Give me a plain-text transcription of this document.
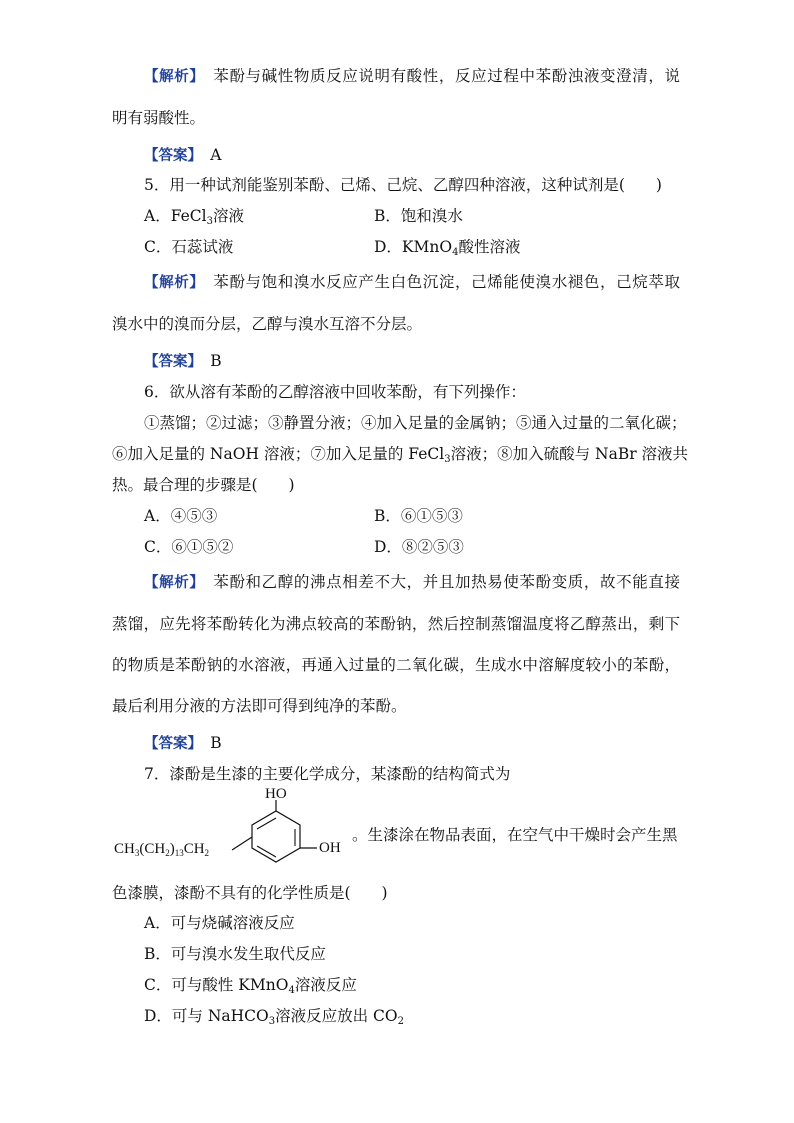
【解析】　 苯酚与碱性物质反应说明有酸性，反应过程中苯酚浊液变澄清，说
明有弱酸性。
【答案】　 A
5．用一种试剂能鉴别苯酚、己烯、己烷、乙醇四种溶液，这种试剂是(　　)
A．FeCl$_3$溶液	B．饱和溴水
C．石蕊试液	D．KMnO$_4$酸性溶液
【解析】　 苯酚与饱和溴水反应产生白色沉淀，己烯能使溴水褪色，己烷萃取
溴水中的溴而分层，乙醇与溴水互溶不分层。
【答案】　 B
6．欲从溶有苯酚的乙醇溶液中回收苯酚，有下列操作：
①蒸馏；②过滤；③静置分液；④加入足量的金属钠；⑤通入过量的二氧化碳；
⑥加入足量的 NaOH 溶液；⑦加入足量的 FeCl$_3$溶液；⑧加入硫酸与 NaBr 溶液共
热。最合理的步骤是(　　)
A．④⑤③	B．⑥①⑤③
C．⑥①⑤②	D．⑧②⑤③
【解析】　 苯酚和乙醇的沸点相差不大，并且加热易使苯酚变质，故不能直接
蒸馏，应先将苯酚转化为沸点较高的苯酚钠，然后控制蒸馏温度将乙醇蒸出，剩下
的物质是苯酚钠的水溶液，再通入过量的二氧化碳，生成水中溶解度较小的苯酚，
最后利用分液的方法即可得到纯净的苯酚。
【答案】　 B
7．漆酚是生漆的主要化学成分，某漆酚的结构简式为
HO
OH
$CH_3(CH_2)_{13}CH_2$
。生漆涂在物品表面，在空气中干燥时会产生黑
色漆膜，漆酚不具有的化学性质是(　　)
A．可与烧碱溶液反应
B．可与溴水发生取代反应
C．可与酸性 KMnO$_4$溶液反应
D．可与 NaHCO$_3$溶液反应放出 $CO_2$
